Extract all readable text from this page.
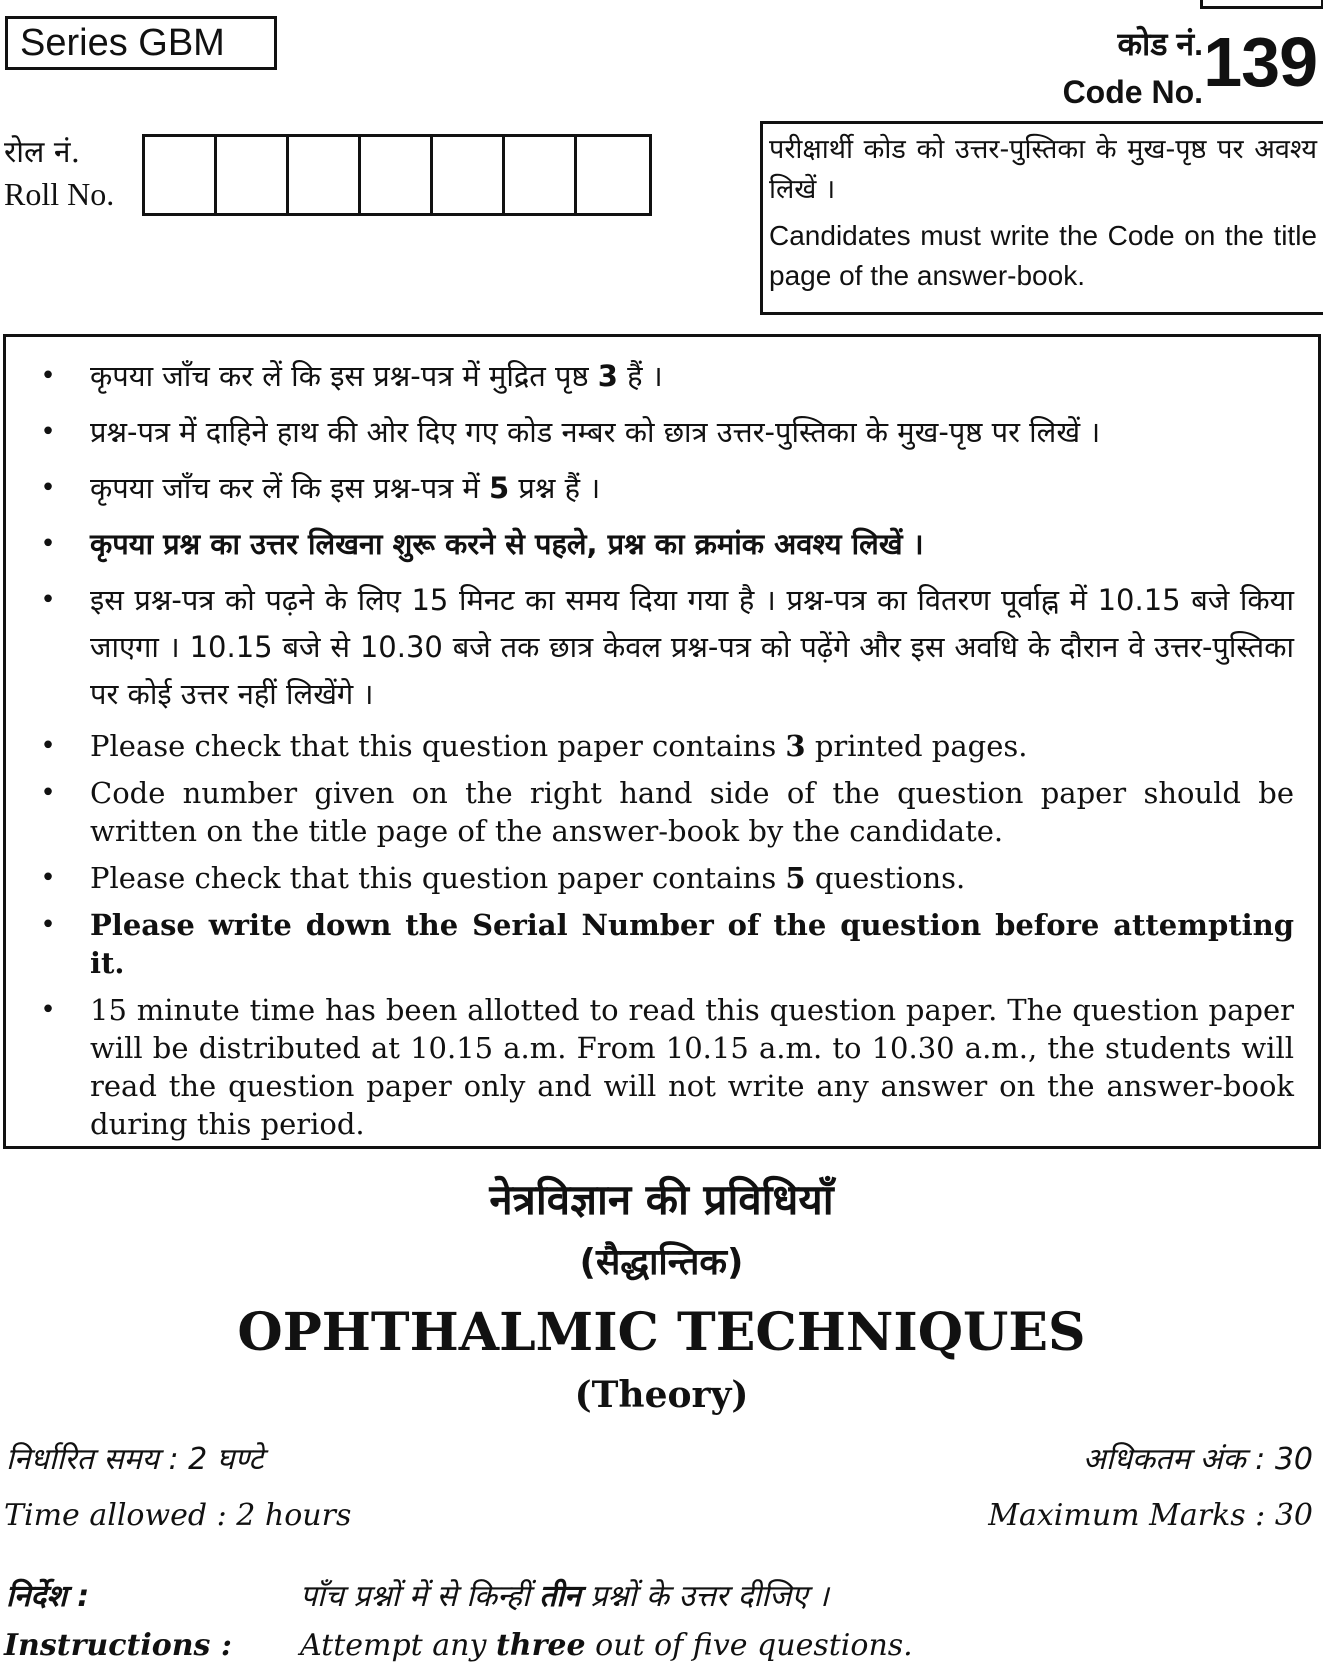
Series GBM	कोड नं.
Code No. 139
रोल नं.
Roll No.

परीक्षार्थी कोड को उत्तर-पुस्तिका के मुख-पृष्ठ पर अवश्य लिखें ।

Candidates must write the Code on the title page of the answer-book.

•	कृपया जाँच कर लें कि इस प्रश्न-पत्र में मुद्रित पृष्ठ 3 हैं ।
•	प्रश्न-पत्र में दाहिने हाथ की ओर दिए गए कोड नम्बर को छात्र उत्तर-पुस्तिका के मुख-पृष्ठ पर लिखें ।
•	कृपया जाँच कर लें कि इस प्रश्न-पत्र में 5 प्रश्न हैं ।
•	कृपया प्रश्न का उत्तर लिखना शुरू करने से पहले, प्रश्न का क्रमांक अवश्य लिखें ।
•	इस प्रश्न-पत्र को पढ़ने के लिए 15 मिनट का समय दिया गया है । प्रश्न-पत्र का वितरण पूर्वाह्न में 10.15 बजे किया जाएगा । 10.15 बजे से 10.30 बजे तक छात्र केवल प्रश्न-पत्र को पढ़ेंगे और इस अवधि के दौरान वे उत्तर-पुस्तिका पर कोई उत्तर नहीं लिखेंगे ।
•	Please check that this question paper contains 3 printed pages.
•	Code number given on the right hand side of the question paper should be written on the title page of the answer-book by the candidate.
•	Please check that this question paper contains 5 questions.
•	Please write down the Serial Number of the question before attempting it.
•	15 minute time has been allotted to read this question paper. The question paper will be distributed at 10.15 a.m. From 10.15 a.m. to 10.30 a.m., the students will read the question paper only and will not write any answer on the answer-book during this period.
नेत्रविज्ञान की प्रविधियाँ
(सैद्धान्तिक)
OPHTHALMIC TECHNIQUES
(Theory)
निर्धारित समय : 2 घण्टे	अधिकतम अंक : 30
Time allowed : 2 hours	Maximum Marks : 30
निर्देश :	पाँच प्रश्नों में से किन्हीं तीन प्रश्नों के उत्तर दीजिए ।
Instructions : Attempt any three out of five questions.
